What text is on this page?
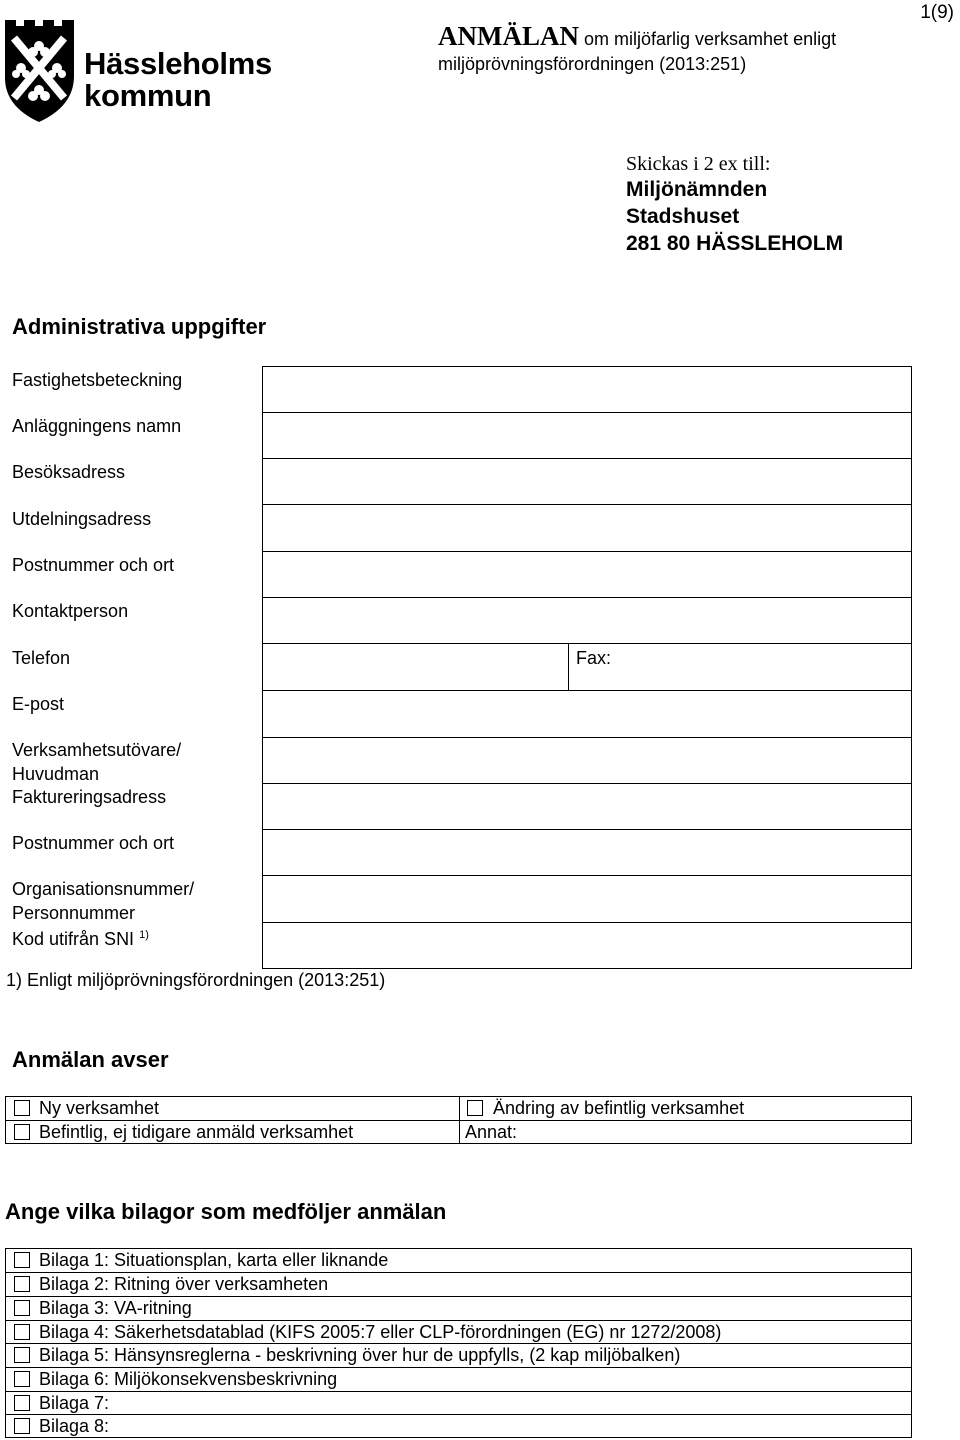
1(9)
Hässleholms
kommun
ANMÄLAN om miljöfarlig verksamhet enligt
miljöprövningsförordningen (2013:251)
Skickas i 2 ex till:
Miljönämnden
Stadshuset
281 80 HÄSSLEHOLM
Administrativa uppgifter
Fastighetsbeteckning
Anläggningens namn
Besöksadress
Utdelningsadress
Postnummer och ort
Kontaktperson
Telefon	Fax:
E-post
Verksamhetsutövare/
Huvudman
Faktureringsadress
Postnummer och ort
Organisationsnummer/
Personnummer
Kod utifrån SNI $^{1)}$
1) Enligt miljöprövningsförordningen (2013:251)
Anmälan avser
Ny verksamhet	Ändring av befintlig verksamhet
Befintlig, ej tidigare anmäld verksamhet	Annat:
Ange vilka bilagor som medföljer anmälan
Bilaga 1: Situationsplan, karta eller liknande
Bilaga 2: Ritning över verksamheten
Bilaga 3: VA-ritning
Bilaga 4: Säkerhetsdatablad (KIFS 2005:7 eller CLP-förordningen (EG) nr 1272/2008)
Bilaga 5: Hänsynsreglerna - beskrivning över hur de uppfylls, (2 kap miljöbalken)
Bilaga 6: Miljökonsekvensbeskrivning
Bilaga 7:
Bilaga 8:
